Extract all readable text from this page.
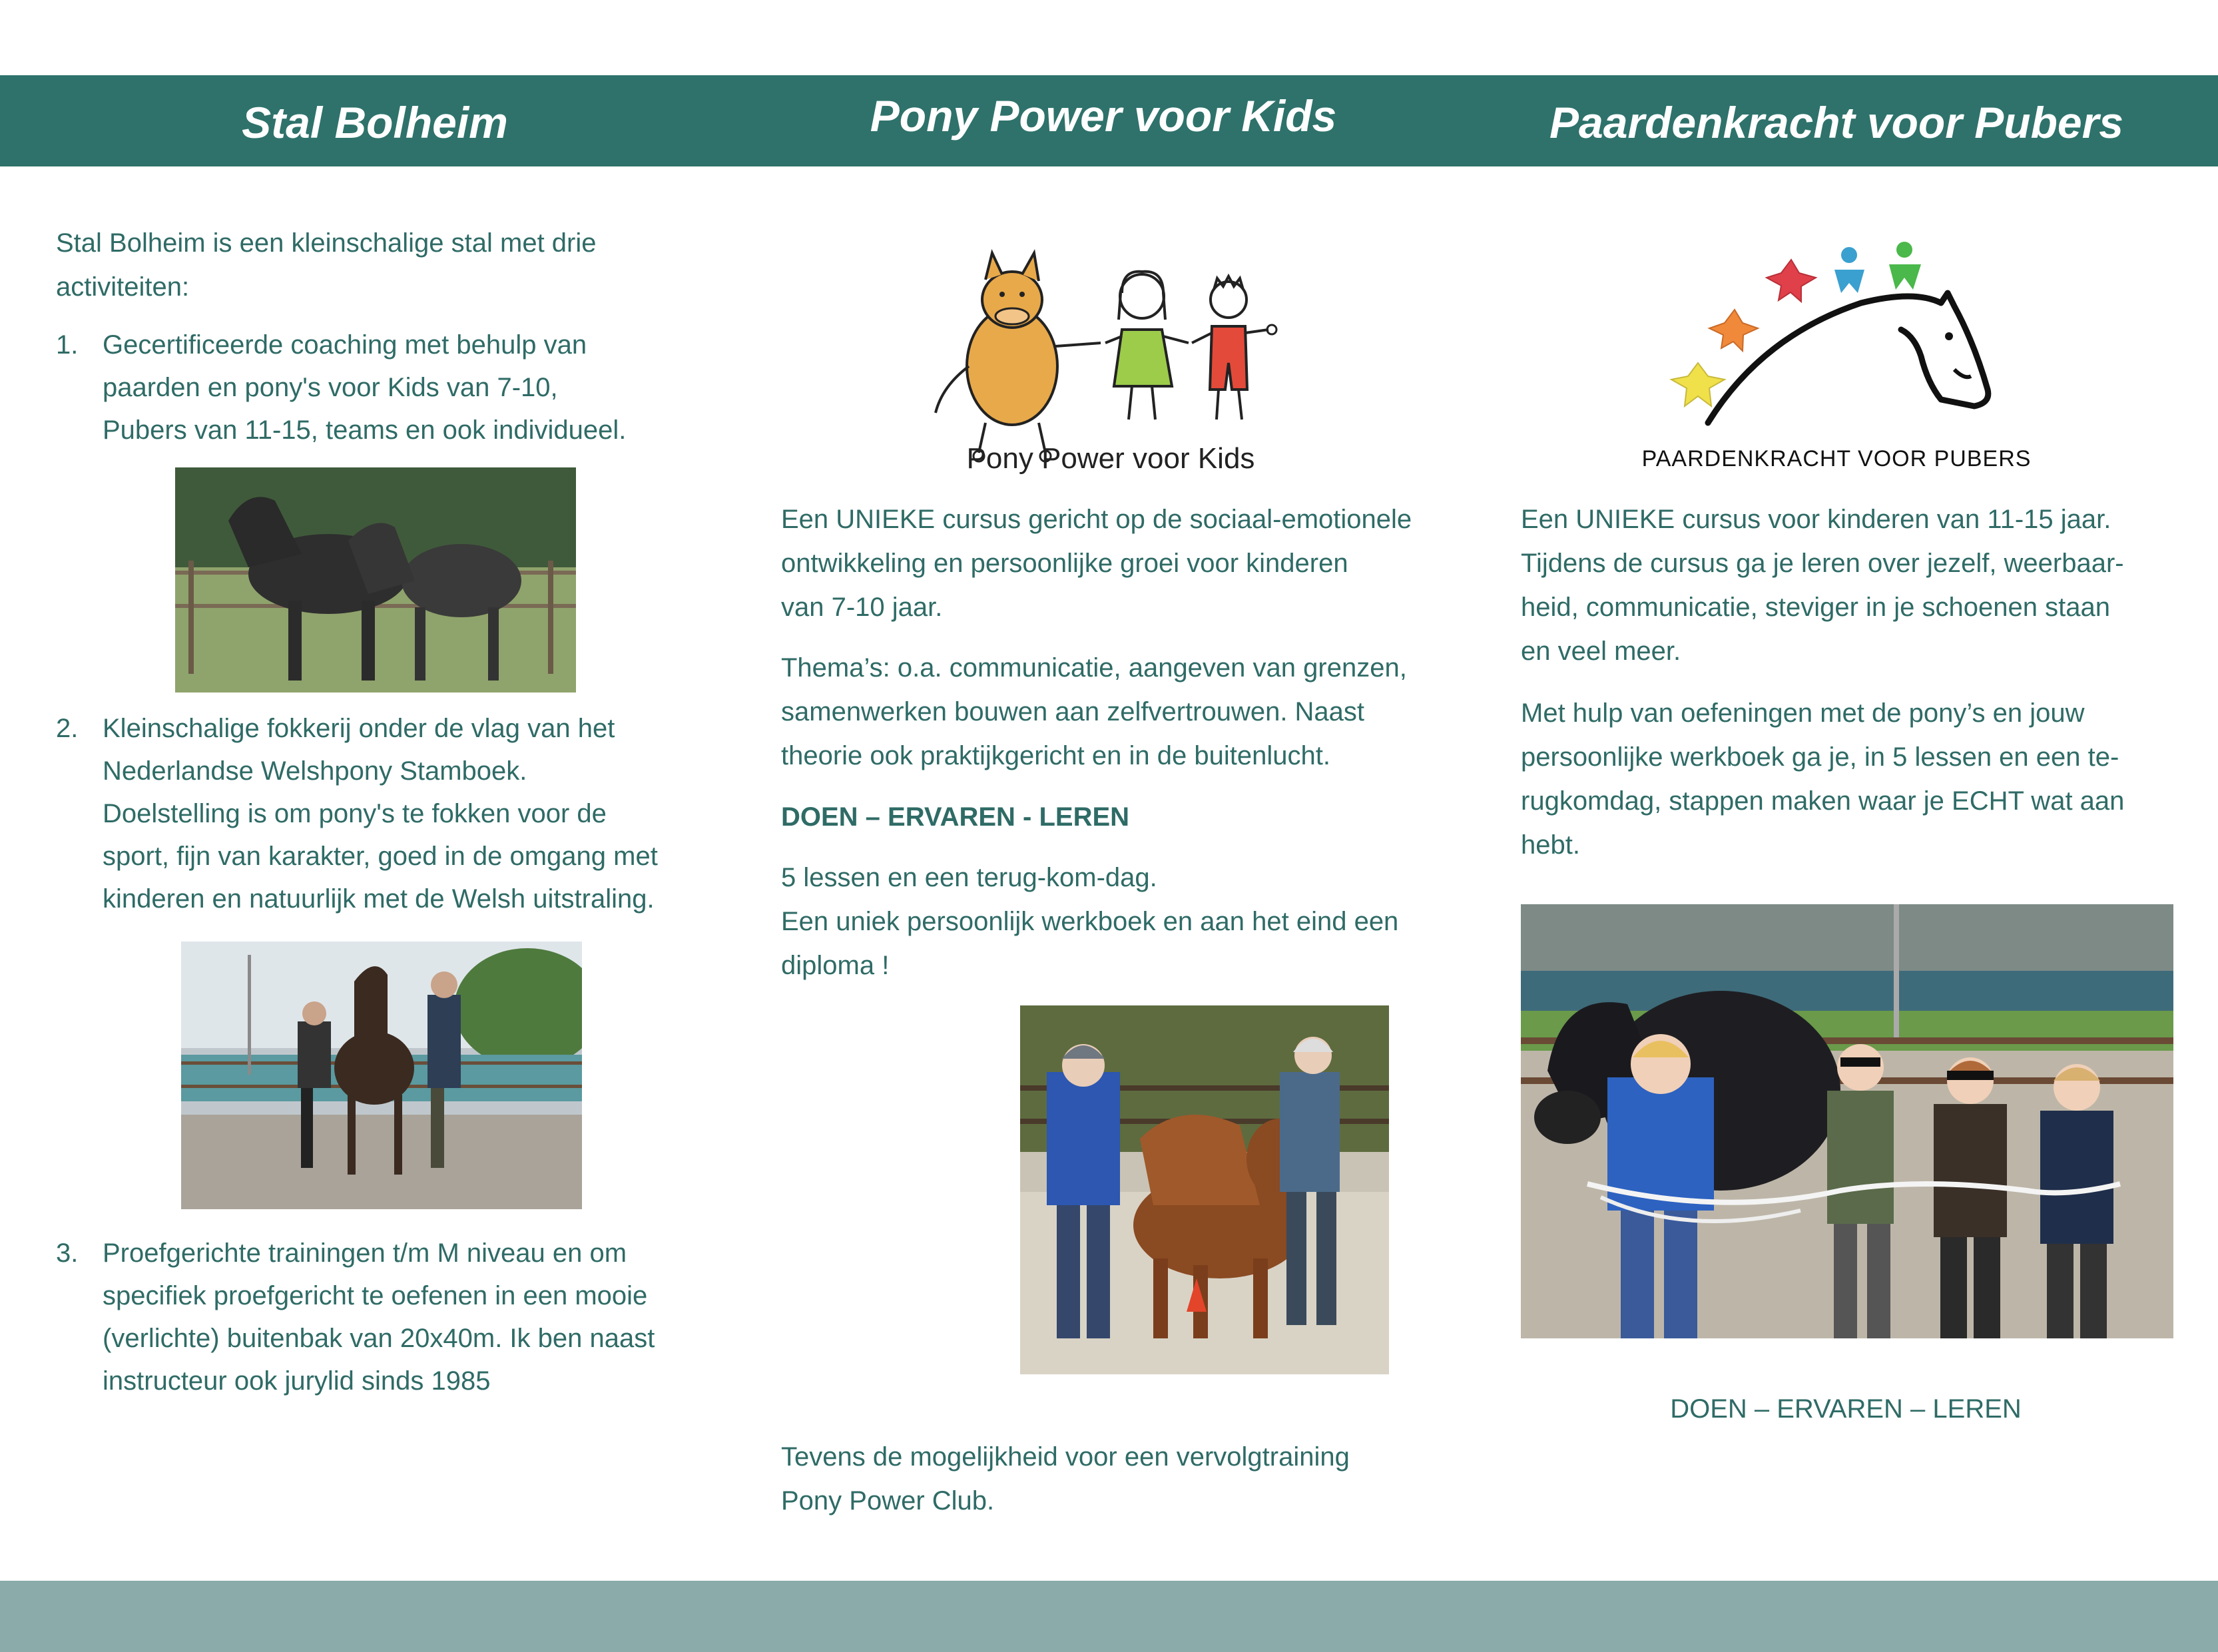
Stal Bolheim	Pony Power voor Kids	Paardenkracht voor Pubers

Stal Bolheim is een kleinschalige stal met drie

activiteiten:

1. Gecertificeerde coaching met behulp van
paarden en pony's voor Kids van 7-10,
Pubers van 11-15, teams en ook individueel.
2. Kleinschalige fokkerij onder de vlag van het
Nederlandse Welshpony Stamboek.
Doelstelling is om pony's te fokken voor de
sport, fijn van karakter, goed in de omgang met
kinderen en natuurlijk met de Welsh uitstraling.
3. Proefgerichte trainingen t/m M niveau en om
specifiek proefgericht te oefenen in een mooie
(verlichte) buitenbak van 20x40m. Ik ben naast
instructeur ook jurylid sinds 1985
Pony Power voor Kids

Een UNIEKE cursus gericht op de sociaal-emotionele

ontwikkeling en persoonlijke groei voor kinderen

van 7-10 jaar.

Thema’s: o.a. communicatie, aangeven van grenzen,

samenwerken bouwen aan zelfvertrouwen. Naast

theorie ook praktijkgericht en in de buitenlucht.

DOEN – ERVAREN - LEREN

5 lessen en een terug-kom-dag.

Een uniek persoonlijk werkboek en aan het eind een

diploma !

Tevens de mogelijkheid voor een vervolgtraining

Pony Power Club.

PAARDENKRACHT VOOR PUBERS

Een UNIEKE cursus voor kinderen van 11-15 jaar.

Tijdens de cursus ga je leren over jezelf, weerbaar-

heid, communicatie, steviger in je schoenen staan

en veel meer.

Met hulp van oefeningen met de pony’s en jouw

persoonlijke werkboek ga je, in 5 lessen en een te-

rugkomdag, stappen maken waar je ECHT wat aan

hebt.

DOEN – ERVAREN – LEREN
